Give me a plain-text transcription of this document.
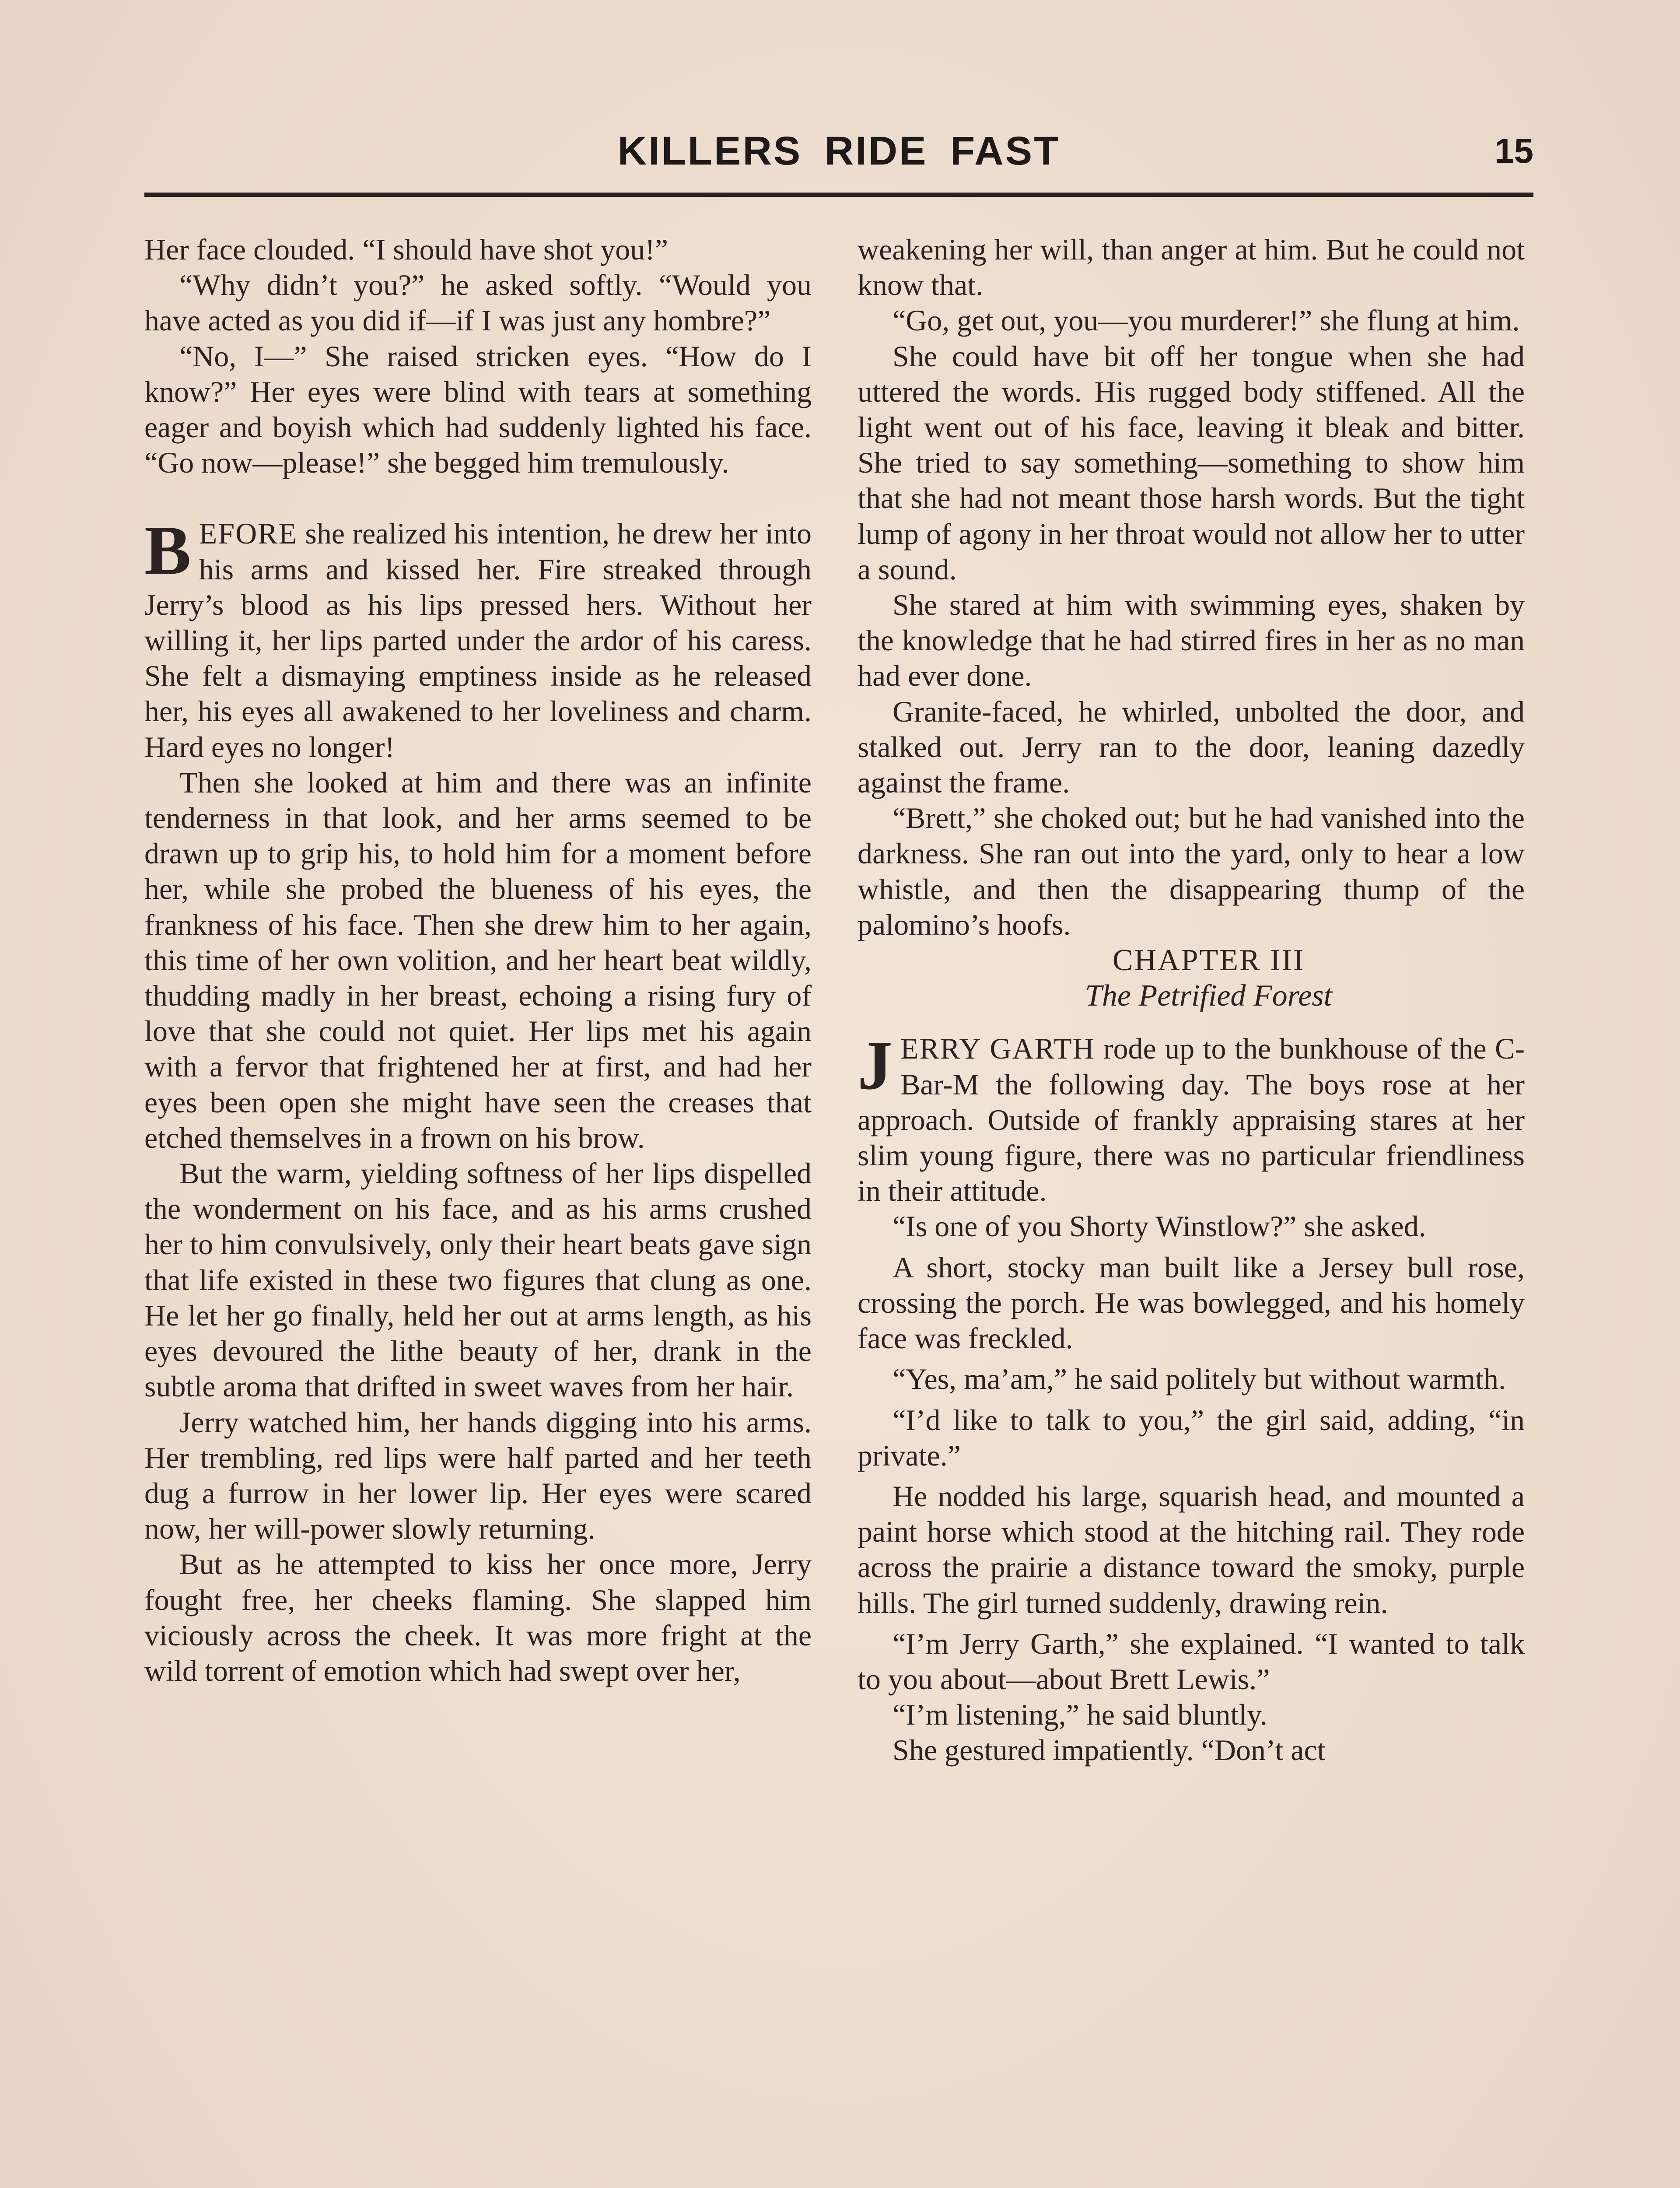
KILLERS RIDE FAST	15

Her face clouded. “I should have shot you!”

“Why didn’t you?” he asked softly. “Would you have acted as you did if—if I was just any hombre?”

“No, I—” She raised stricken eyes. “How do I know?” Her eyes were blind with tears at something eager and boyish which had suddenly lighted his face. “Go now—please!” she begged him tremulously.

BEFORE she realized his intention, he drew her into his arms and kissed her. Fire streaked through Jerry’s blood as his lips pressed hers. Without her willing it, her lips parted under the ardor of his caress. She felt a dismaying emptiness inside as he released her, his eyes all awakened to her loveliness and charm. Hard eyes no longer!

Then she looked at him and there was an infinite tenderness in that look, and her arms seemed to be drawn up to grip his, to hold him for a moment before her, while she probed the blueness of his eyes, the frankness of his face. Then she drew him to her again, this time of her own volition, and her heart beat wildly, thudding madly in her breast, echoing a rising fury of love that she could not quiet. Her lips met his again with a fervor that frightened her at first, and had her eyes been open she might have seen the creases that etched themselves in a frown on his brow.

But the warm, yielding softness of her lips dispelled the wonderment on his face, and as his arms crushed her to him convulsively, only their heart beats gave sign that life existed in these two figures that clung as one. He let her go finally, held her out at arms length, as his eyes devoured the lithe beauty of her, drank in the subtle aroma that drifted in sweet waves from her hair.

Jerry watched him, her hands digging into his arms. Her trembling, red lips were half parted and her teeth dug a furrow in her lower lip. Her eyes were scared now, her will-power slowly returning.

But as he attempted to kiss her once more, Jerry fought free, her cheeks flaming. She slapped him viciously across the cheek. It was more fright at the wild torrent of emotion which had swept over her,

weakening her will, than anger at him. But he could not know that.

“Go, get out, you—you murderer!” she flung at him.

She could have bit off her tongue when she had uttered the words. His rugged body stiffened. All the light went out of his face, leaving it bleak and bitter. She tried to say something—something to show him that she had not meant those harsh words. But the tight lump of agony in her throat would not allow her to utter a sound.

She stared at him with swimming eyes, shaken by the knowledge that he had stirred fires in her as no man had ever done.

Granite-faced, he whirled, unbolted the door, and stalked out. Jerry ran to the door, leaning dazedly against the frame.

“Brett,” she choked out; but he had vanished into the darkness. She ran out into the yard, only to hear a low whistle, and then the disappearing thump of the palomino’s hoofs.

CHAPTER III

The Petrified Forest

JERRY GARTH rode up to the bunkhouse of the C-Bar-M the following day. The boys rose at her approach. Outside of frankly appraising stares at her slim young figure, there was no particular friendliness in their attitude.

“Is one of you Shorty Winstlow?” she asked.

A short, stocky man built like a Jersey bull rose, crossing the porch. He was bowlegged, and his homely face was freckled.

“Yes, ma’am,” he said politely but without warmth.

“I’d like to talk to you,” the girl said, adding, “in private.”

He nodded his large, squarish head, and mounted a paint horse which stood at the hitching rail. They rode across the prairie a distance toward the smoky, purple hills. The girl turned suddenly, drawing rein.

“I’m Jerry Garth,” she explained. “I wanted to talk to you about—about Brett Lewis.”

“I’m listening,” he said bluntly.

She gestured impatiently. “Don’t act
